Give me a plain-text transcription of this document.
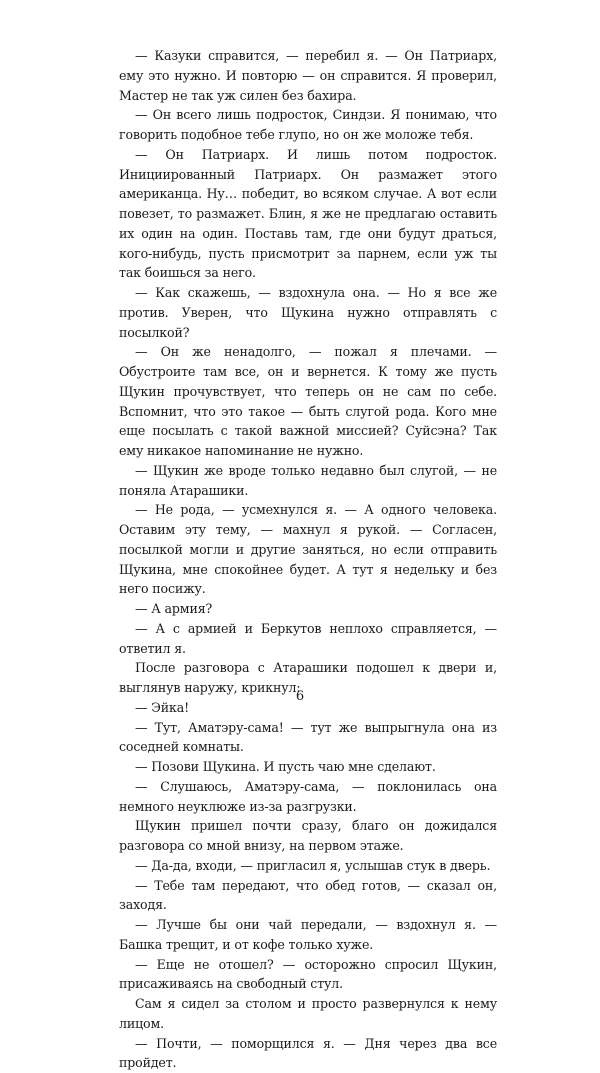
— Казуки справится, — перебил я. — Он Патриарх, ему это нужно. И повторю — он справится. Я проверил, Мастер не так уж силен без бахира.

— Он всего лишь подросток, Синдзи. Я понимаю, что говорить подобное тебе глупо, но он же моложе тебя.

— Он Патриарх. И лишь потом подросток. Инициированный Патриарх. Он размажет этого американца. Ну… победит, во всяком случае. А вот если повезет, то размажет. Блин, я же не предлагаю оставить их один на один. Поставь там, где они будут драться, кого-нибудь, пусть присмотрит за парнем, если уж ты так боишься за него.

— Как скажешь, — вздохнула она. — Но я все же против. Уверен, что Щукина нужно отправлять с посылкой?

— Он же ненадолго, — пожал я плечами. — Обустроите там все, он и вернется. К тому же пусть Щукин прочувствует, что теперь он не сам по себе. Вспомнит, что это такое — быть слугой рода. Кого мне еще посылать с такой важной миссией? Суйсэна? Так ему никакое напоминание не нужно.

— Щукин же вроде только недавно был слугой, — не поняла Атарашики.

— Не рода, — усмехнулся я. — А одного человека. Оставим эту тему, — махнул я рукой. — Согласен, посылкой могли и другие заняться, но если отправить Щукина, мне спокойнее будет. А тут я недельку и без него посижу.

— А армия?

— А с армией и Беркутов неплохо справляется, — ответил я.

После разговора с Атарашики подошел к двери и, выглянув наружу, крикнул:

— Эйка!

— Тут, Аматэру-сама! — тут же выпрыгнула она из соседней комнаты.

— Позови Щукина. И пусть чаю мне сделают.

— Слушаюсь, Аматэру-сама, — поклонилась она немного неуклюже из-за разгрузки.

Щукин пришел почти сразу, благо он дожидался разговора со мной внизу, на первом этаже.

— Да-да, входи, — пригласил я, услышав стук в дверь.

— Тебе там передают, что обед готов, — сказал он, заходя.

— Лучше бы они чай передали, — вздохнул я. — Башка трещит, и от кофе только хуже.

— Еще не отошел? — осторожно спросил Щукин, присаживаясь на свободный стул.

Сам я сидел за столом и просто развернулся к нему лицом.

— Почти, — поморщился я. — Дня через два все пройдет.

6
